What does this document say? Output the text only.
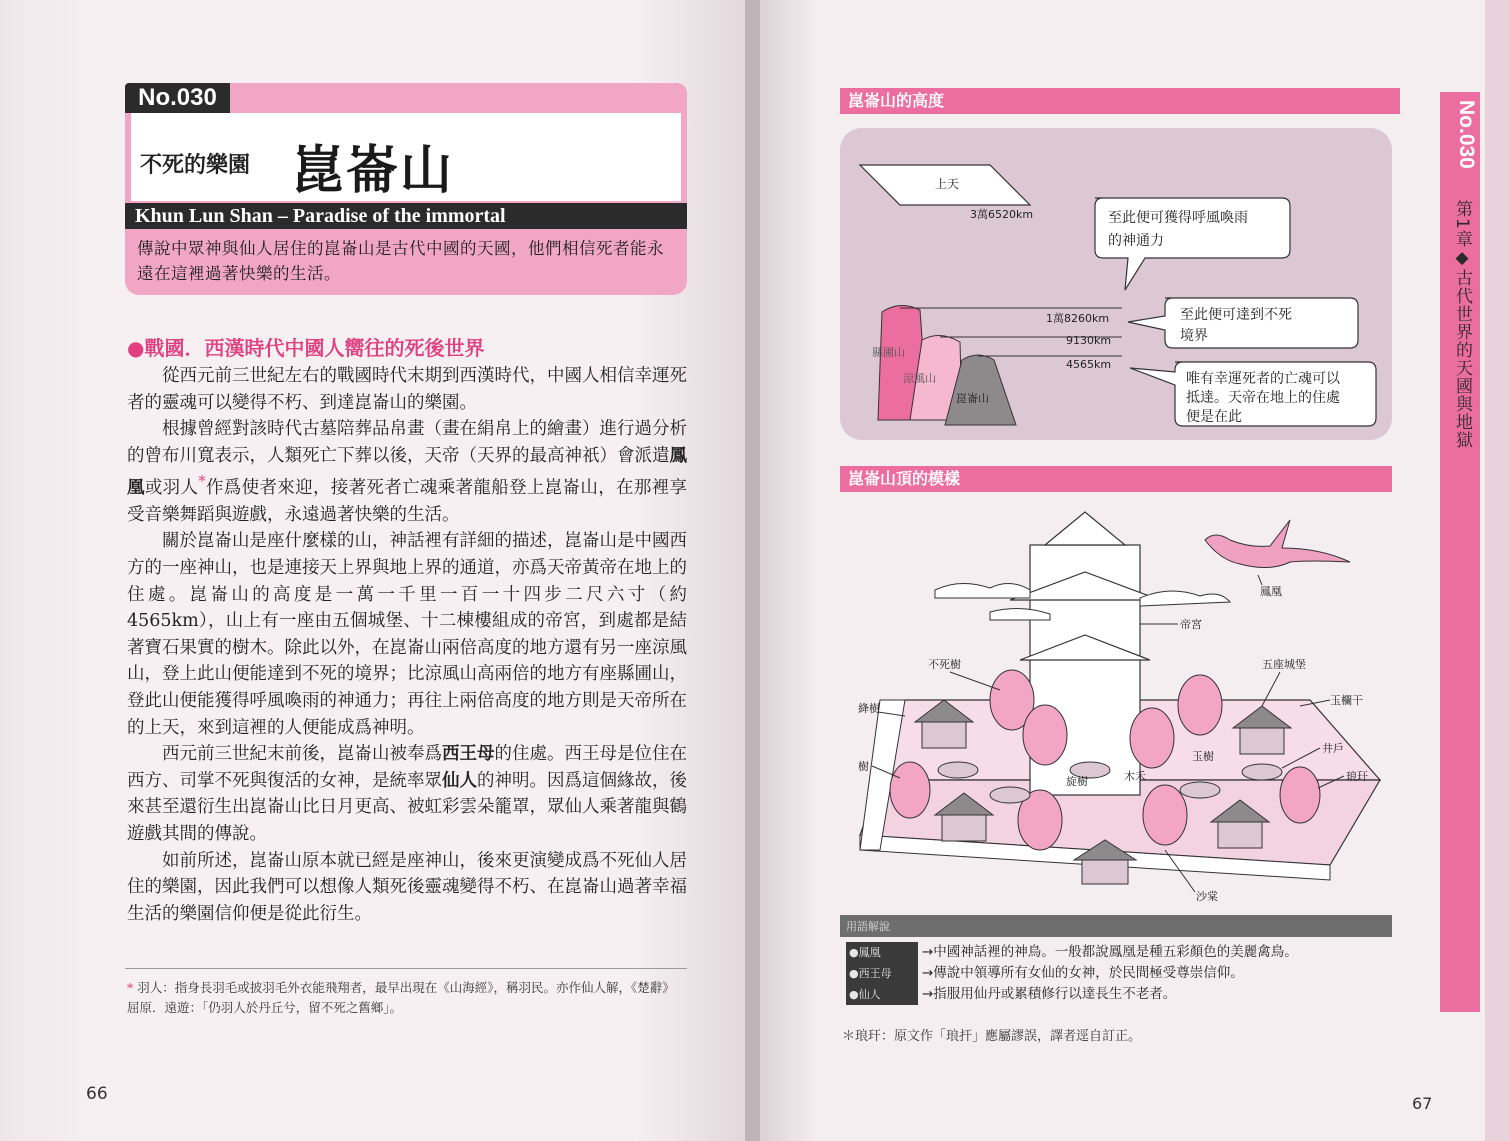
No.030
不死的樂園 崑崙山
Khun Lun Shan – Paradise of the immortal
傳說中眾神與仙人居住的崑崙山是古代中國的天國，他們相信死者能永遠在這裡過著快樂的生活。
●戰國．西漢時代中國人嚮往的死後世界

從西元前三世紀左右的戰國時代末期到西漢時代，中國人相信幸運死者的靈魂可以變得不朽、到達崑崙山的樂園。

根據曾經對該時代古墓陪葬品帛畫（畫在絹帛上的繪畫）進行過分析的曾布川寬表示，人類死亡下葬以後，天帝（天界的最高神祇）會派遣鳳凰或羽人*作爲使者來迎，接著死者亡魂乘著龍船登上崑崙山，在那裡享受音樂舞蹈與遊戲，永遠過著快樂的生活。

關於崑崙山是座什麼樣的山，神話裡有詳細的描述，崑崙山是中國西方的一座神山，也是連接天上界與地上界的通道，亦爲天帝黃帝在地上的住處。崑崙山的高度是一萬一千里一百一十四步二尺六寸（約4565km），山上有一座由五個城堡、十二棟樓組成的帝宮，到處都是結著寶石果實的樹木。除此以外，在崑崙山兩倍高度的地方還有另一座涼風山，登上此山便能達到不死的境界；比涼風山高兩倍的地方有座縣圃山，登此山便能獲得呼風喚雨的神通力；再往上兩倍高度的地方則是天帝所在的上天，來到這裡的人便能成爲神明。

西元前三世紀末前後，崑崙山被奉爲西王母的住處。西王母是位住在西方、司掌不死與復活的女神，是統率眾仙人的神明。因爲這個緣故，後來甚至還衍生出崑崙山比日月更高、被虹彩雲朵籠罩，眾仙人乘著龍與鶴遊戲其間的傳說。

如前所述，崑崙山原本就已經是座神山，後來更演變成爲不死仙人居住的樂園，因此我們可以想像人類死後靈魂變得不朽、在崑崙山過著幸福生活的樂園信仰便是從此衍生。

* 羽人：指身長羽毛或披羽毛外衣能飛翔者，最早出現在《山海經》，稱羽民。亦作仙人解，《楚辭》屈原．遠遊：「仍羽人於丹丘兮，留不死之舊鄉」。
66
No.030
第1章◆古代世界的天國與地獄
崑崙山的高度
上天
3萬6520km
縣圃山
涼風山
崑崙山
1萬8260km
9130km
4565km
至此便可獲得呼風喚雨
的神通力
至此便可達到不死
境界
唯有幸運死者的亡魂可以
抵達。天帝在地上的住處
便是在此
鳳凰
帝宮
五座城堡
不死樹
玉欄干
絳樹
井戶
樹
玉樹
琅玕
旋樹	木禾
沙棠
崑崙山頂的模樣
用語解說
●鳳凰	→中國神話裡的神鳥。一般都說鳳凰是種五彩顏色的美麗禽鳥。
●西王母 →傳說中領導所有女仙的女神，於民間極受尊崇信仰。
●仙人	→指服用仙丹或累積修行以達長生不老者。
＊琅玕：原文作「琅扞」應屬謬誤，譯者逕自訂正。
67
